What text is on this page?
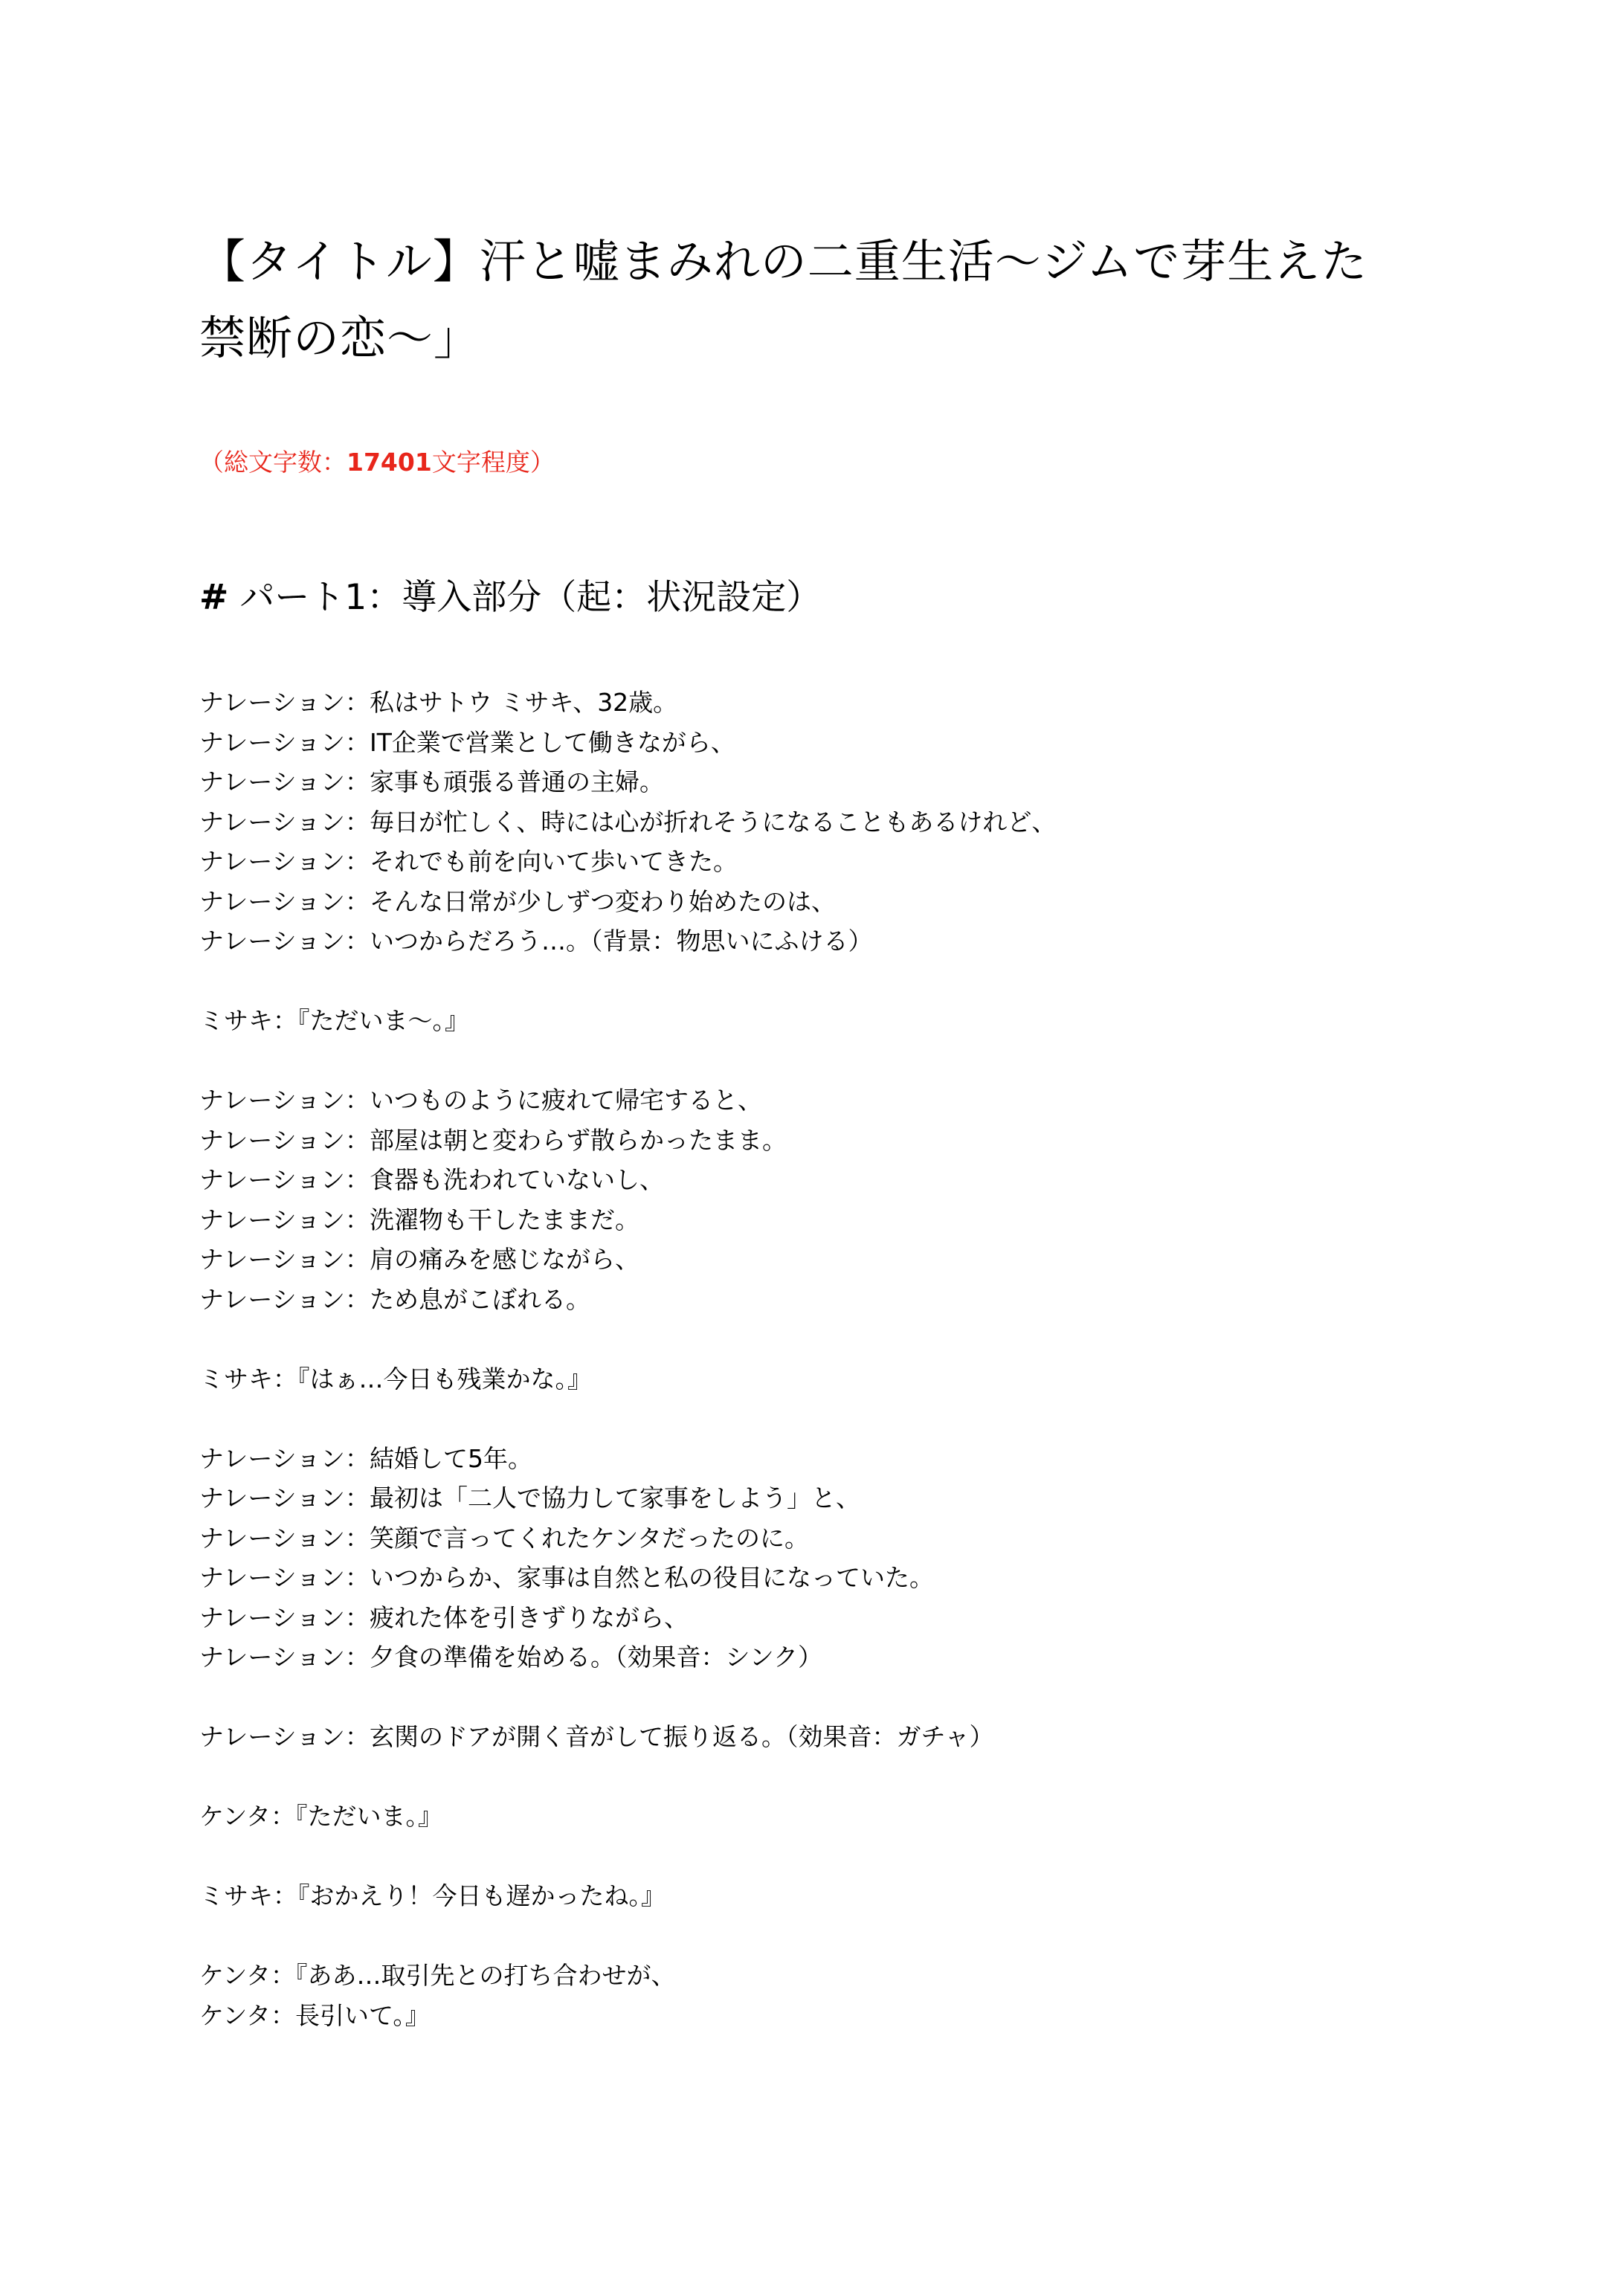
【タイトル】汗と嘘まみれの二重生活～ジムで芽生えた
禁断の恋～」

（総文字数：17401文字程度）

# パート1：導入部分（起：状況設定）
ナレーション：私はサトウ ミサキ、32歳。
ナレーション：IT企業で営業として働きながら、
ナレーション：家事も頑張る普通の主婦。
ナレーション：毎日が忙しく、時には心が折れそうになることもあるけれど、
ナレーション：それでも前を向いて歩いてきた。
ナレーション：そんな日常が少しずつ変わり始めたのは、
ナレーション：いつからだろう…。（背景：物思いにふける）
ミサキ：『ただいま～。』
ナレーション：いつものように疲れて帰宅すると、
ナレーション：部屋は朝と変わらず散らかったまま。
ナレーション：食器も洗われていないし、
ナレーション：洗濯物も干したままだ。
ナレーション：肩の痛みを感じながら、
ナレーション：ため息がこぼれる。
ミサキ：『はぁ…今日も残業かな。』
ナレーション：結婚して5年。
ナレーション：最初は「二人で協力して家事をしよう」と、
ナレーション：笑顔で言ってくれたケンタだったのに。
ナレーション：いつからか、家事は自然と私の役目になっていた。
ナレーション：疲れた体を引きずりながら、
ナレーション：夕食の準備を始める。（効果音：シンク）
ナレーション：玄関のドアが開く音がして振り返る。（効果音：ガチャ）
ケンタ：『ただいま。』
ミサキ：『おかえり！今日も遅かったね。』
ケンタ：『ああ…取引先との打ち合わせが、
ケンタ：長引いて。』
